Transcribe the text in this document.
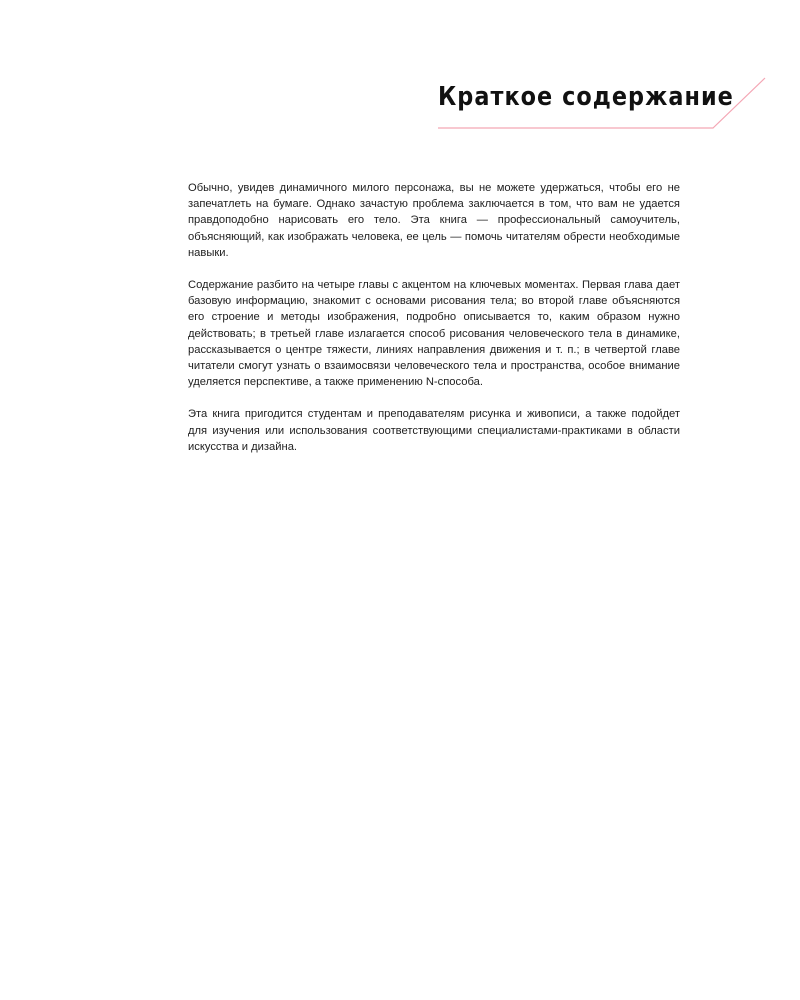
Краткое содержание

Обычно, увидев динамичного милого персонажа, вы не можете удержаться, чтобы его не запечатлеть на бумаге. Однако зачастую проблема заключается в том, что вам не удается правдоподобно нарисовать его тело. Эта книга — профессиональный самоучитель, объясняющий, как изображать человека, ее цель — помочь читателям обрести необходимые навыки.

Содержание разбито на четыре главы с акцентом на ключевых моментах. Первая глава дает базовую информацию, знакомит с основами рисования тела; во второй главе объясняются его строение и методы изображения, подробно описывается то, каким образом нужно действовать; в третьей главе излагается способ рисования человеческого тела в динамике, рассказывается о центре тяжести, линиях направления движения и т. п.; в четвертой главе читатели смогут узнать о взаимосвязи человеческого тела и пространства, особое внимание уделяется перспективе, а также применению N-способа.

Эта книга пригодится студентам и преподавателям рисунка и живописи, а также подойдет для изучения или использования соответствующими специалистами-практиками в области искусства и дизайна.
